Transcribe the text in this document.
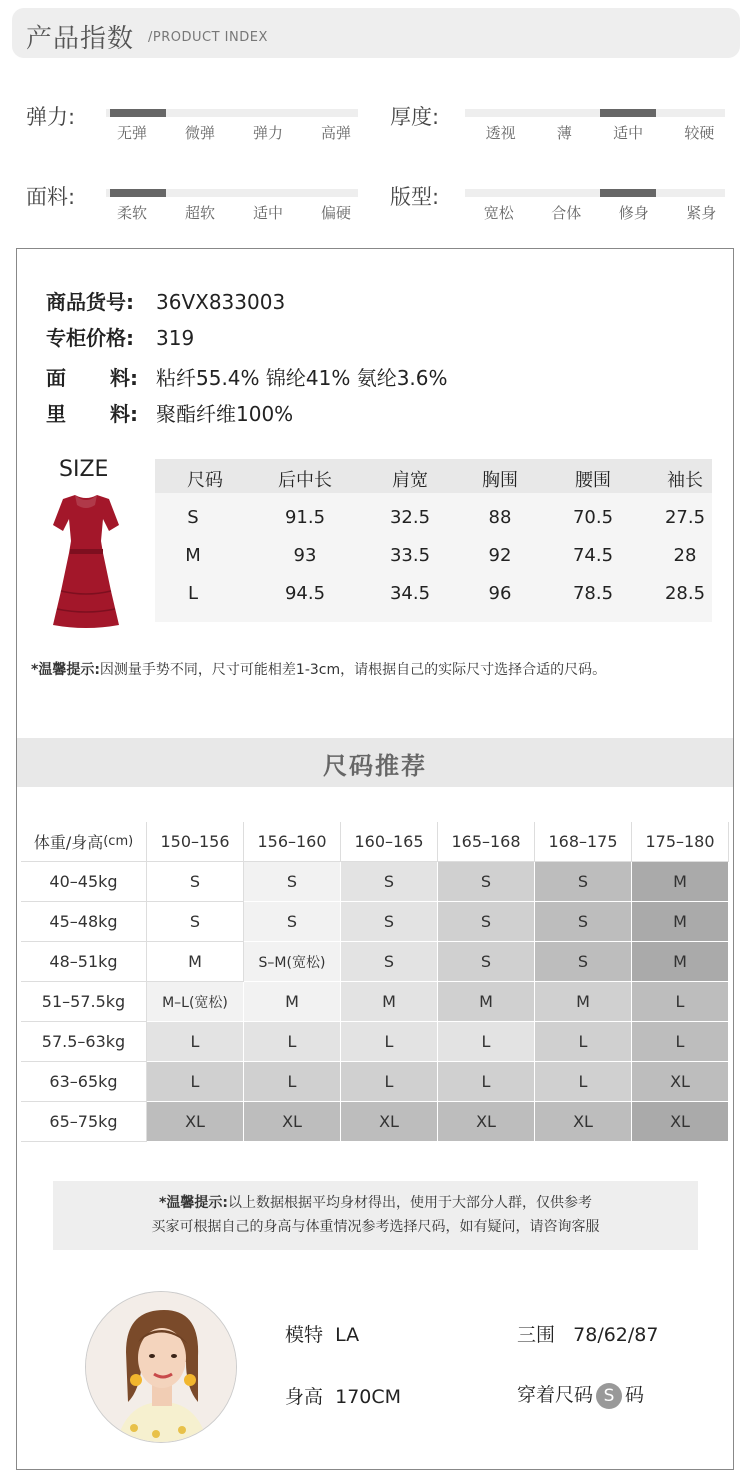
产品指数 /PRODUCT INDEX
弹力:
无弹	微弹	弹力	高弹
厚度:
透视	薄	适中	较硬
面料:
柔软	超软	适中	偏硬
版型:
宽松 合体 修身 紧身
商品货号: 36VX833003
专柜价格: 319
面 料: 粘纤55.4% 锦纶41% 氨纶3.6%
里 料: 聚酯纤维100%
SIZE
*温馨提示:因测量手势不同，尺寸可能相差1-3cm，请根据自己的实际尺寸选择合适的尺码。
尺码推荐
体重/身高 (cm)	150–156	156–160	160–165	165–168	168–175	175–180
40–45kg	S	S	S	S	S	M
45–48kg	S	S	S	S	S	M
48–51kg	M	S–M(宽松)	S	S	S	M
51–57.5kg	M–L(宽松)	M	M	M	M	L
57.5–63kg	L	L	L	L	L	L
63–65kg	L	L	L	L	L	XL
65–75kg	XL	XL	XL	XL	XL	XL
*温馨提示:以上数据根据平均身材得出，使用于大部分人群，仅供参考
买家可根据自己的身高与体重情况参考选择尺码，如有疑问，请咨询客服
模特 LA	三围 78/62/87
身高 170CM	穿着尺码 S 码
尺码	后中长	肩宽	胸围	腰围	袖长
S	91.5	32.5	88	70.5	27.5
M	93	33.5	92	74.5	28
L	94.5	34.5	96	78.5	28.5
